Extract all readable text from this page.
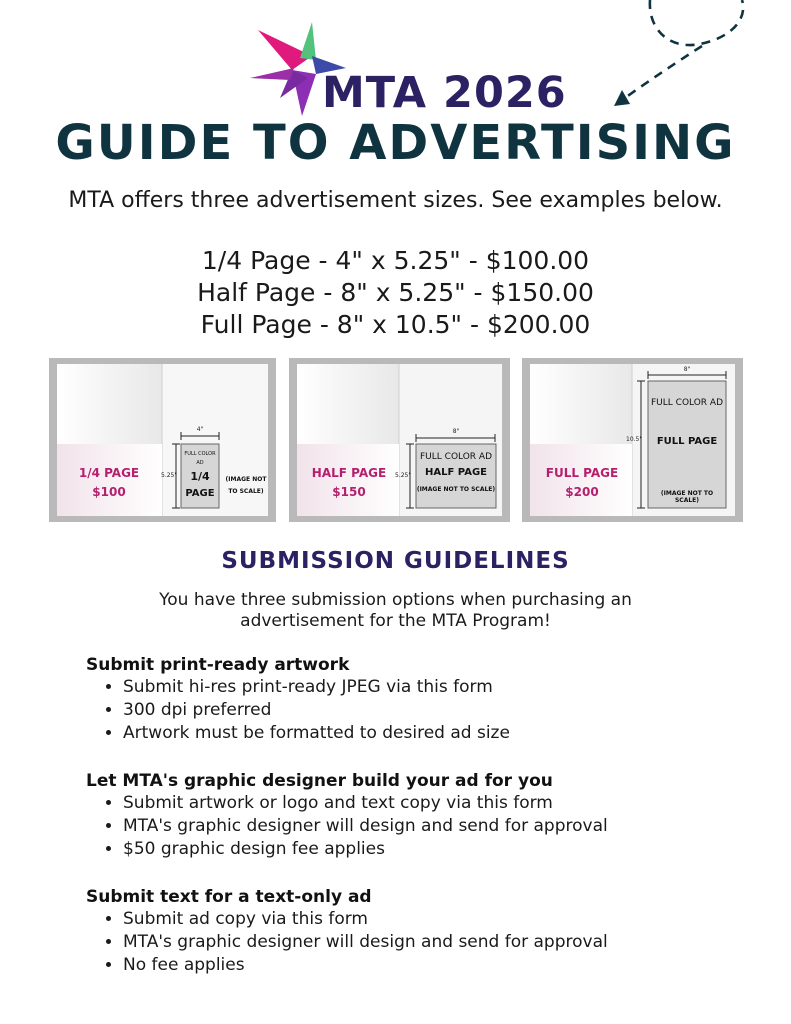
MTA 2026
GUIDE TO ADVERTISING
MTA offers three advertisement sizes. See examples below.
1/4 Page - 4" x 5.25" - $100.00
Half Page - 8" x 5.25" - $150.00
Full Page - 8" x 10.5" - $200.00
1/4 PAGE
$100
4"
5.25"
FULL COLOR AD
1/4
PAGE
(IMAGE NOT
TO SCALE)
HALF PAGE
$150
8"
5.25"
FULL COLOR AD
HALF PAGE
(IMAGE NOT TO SCALE)
FULL PAGE
$200
8"
10.5"
FULL COLOR AD
FULL PAGE
(IMAGE NOT TO SCALE)
SUBMISSION GUIDELINES
You have three submission options when purchasing an
advertisement for the MTA Program!
Submit print-ready artwork
• Submit hi-res print-ready JPEG via this form
• 300 dpi preferred
• Artwork must be formatted to desired ad size
Let MTA's graphic designer build your ad for you
• Submit artwork or logo and text copy via this form
• MTA's graphic designer will design and send for approval
• $50 graphic design fee applies
Submit text for a text-only ad
• Submit ad copy via this form
• MTA's graphic designer will design and send for approval
• No fee applies
